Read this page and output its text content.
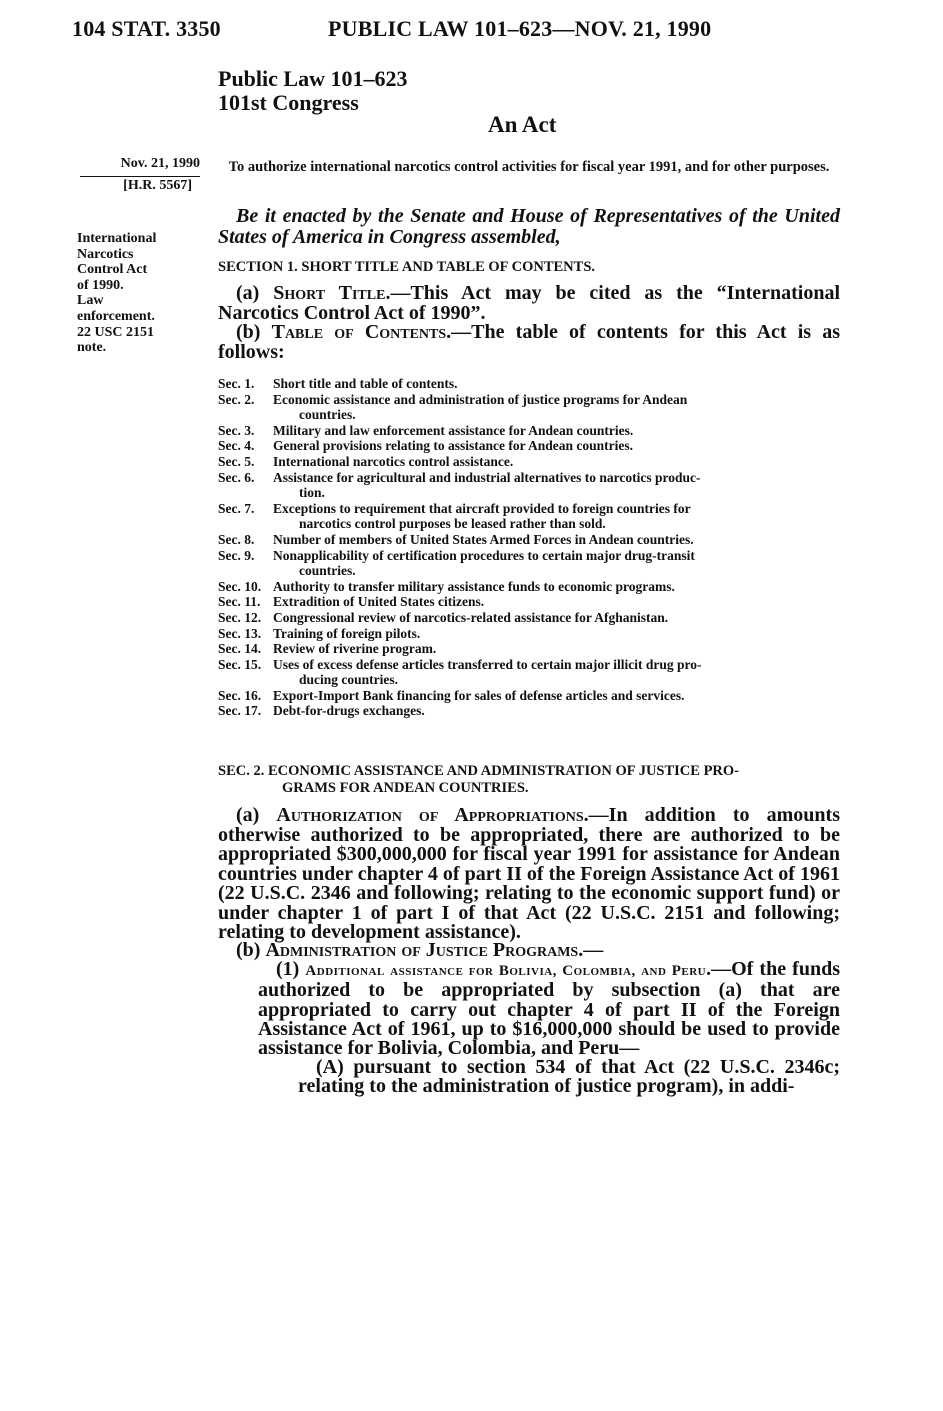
104 STAT. 3350	PUBLIC LAW 101–623—NOV. 21, 1990
Public Law 101–623
101st Congress
An Act
Nov. 21, 1990
[H.R. 5567]
International
Narcotics
Control Act
of 1990.
Law
enforcement.
22 USC 2151
note.
To authorize international narcotics control activities for fiscal year 1991, and for other purposes.
Be it enacted by the Senate and House of Representatives of the United States of America in Congress assembled,
SECTION 1. SHORT TITLE AND TABLE OF CONTENTS.
(a) Short Title.—This Act may be cited as the “International Narcotics Control Act of 1990”.
(b) Table of Contents.—The table of contents for this Act is as follows:
Sec. 1.	Short title and table of contents.
Sec. 2.	Economic assistance and administration of justice programs for Andean
countries.
Sec. 3.	Military and law enforcement assistance for Andean countries.
Sec. 4.	General provisions relating to assistance for Andean countries.
Sec. 5.	International narcotics control assistance.
Sec. 6.	Assistance for agricultural and industrial alternatives to narcotics produc-
tion.
Sec. 7.	Exceptions to requirement that aircraft provided to foreign countries for
narcotics control purposes be leased rather than sold.
Sec. 8.	Number of members of United States Armed Forces in Andean countries.
Sec. 9.	Nonapplicability of certification procedures to certain major drug-transit
countries.
Sec. 10. Authority to transfer military assistance funds to economic programs.
Sec. 11. Extradition of United States citizens.
Sec. 12. Congressional review of narcotics-related assistance for Afghanistan.
Sec. 13. Training of foreign pilots.
Sec. 14. Review of riverine program.
Sec. 15. Uses of excess defense articles transferred to certain major illicit drug pro-
ducing countries.
Sec. 16. Export-Import Bank financing for sales of defense articles and services.
Sec. 17. Debt-for-drugs exchanges.
SEC. 2. ECONOMIC ASSISTANCE AND ADMINISTRATION OF JUSTICE PRO-
GRAMS FOR ANDEAN COUNTRIES.
(a) Authorization of Appropriations.—In addition to amounts otherwise authorized to be appropriated, there are authorized to be appropriated $300,000,000 for fiscal year 1991 for assistance for Andean countries under chapter 4 of part II of the Foreign Assistance Act of 1961 (22 U.S.C. 2346 and following; relating to the economic support fund) or under chapter 1 of part I of that Act (22 U.S.C. 2151 and following; relating to development assistance).
(b) Administration of Justice Programs.—
(1) Additional assistance for Bolivia, Colombia, and Peru.—Of the funds authorized to be appropriated by subsection (a) that are appropriated to carry out chapter 4 of part II of the Foreign Assistance Act of 1961, up to $16,000,000 should be used to provide assistance for Bolivia, Colombia, and Peru—
(A) pursuant to section 534 of that Act (22 U.S.C. 2346c; relating to the administration of justice program), in addi-
